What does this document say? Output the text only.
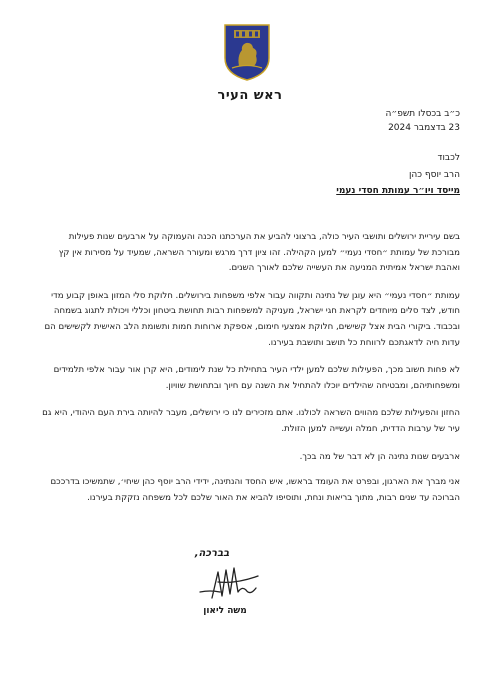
ראש העיר
כ״ב בכסלו תשפ״ה
23 בדצמבר 2024
לכבוד
הרב יוסף כהן
מייסד ויו״ר עמותת חסדי נעמי

בשם עיריית ירושלים ותושבי העיר כולה, ברצוני להביע את הערכתנו הכנה והעמוקה על ארבעים שנות פעילות מבורכת של עמותת ״חסדי נעמי״ למען הקהילה. זהו ציון דרך מרגש ומעורר השראה, שמעיד על מסירות אין קץ ואהבת ישראל אמיתית המניעה את העשייה שלכם לאורך השנים.

עמותת ״חסדי נעמי״ היא עוגן של נתינה ותקווה עבור אלפי משפחות בירושלים. חלוקת סלי המזון באופן קבוע מדי חודש, לצד סלים מיוחדים לקראת חגי ישראל, מעניקה למשפחות רבות תחושת ביטחון וכללי ויכולת לתגוג בשמחה ובכבוד. ביקורי הבית אצל קשישים, חלוקת אמצעי חימום, אספקת ארוחות חמות ותשומת הלב האישית לקשישים הם עדות חיה לדאגתכם לרווחת כל תושב ותושבת בעירנו.

לא פחות חשוב מכך, הפעילות שלכם למען ילדי העיר בתחילת כל שנת לימודים, היא קרן אור עבור אלפי תלמידים ומשפחותיהם, ומבטיחה שהילדים יוכלו להתחיל את השנה עם חיוך ובתחושת שוויון.

החזון והפעילות שלכם מהווים השראה לכולנו. אתם מזכירים לנו כי ירושלים, מעבר להיותה בירת העם היהודי, היא גם עיר של ערבות הדדית, חמלה ועשייה למען הזולת.

ארבעים שנות נתינה הן לא דבר של מה בכך.

אני מברך את הארגון, ובפרט את העומד בראשו, איש החסד והנתינה, ידידי הרב יוסף כהן שיחי׳, שתמשיכו בדרככם הברוכה עד שנים רבות, מתוך בריאות ונחת, ותוסיפו להביא את האור שלכם לכל משפחה נזקקת בעירנו.

בברכה,
משה ליאון
